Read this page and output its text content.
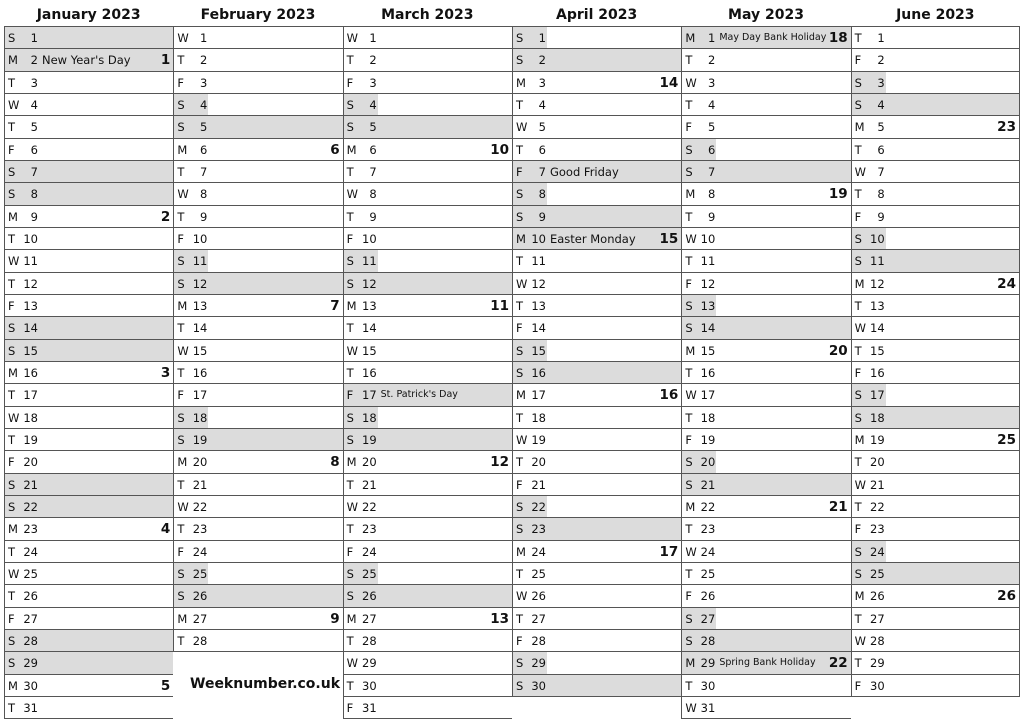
January 2023
S	1
M	2 New Year's Day 1
T	3
W 4
T	5
F	6
S	7
S	8
M	9	2
T 10
W 11
T 12
F 13
S 14
S 15
M 16	3
T 17
W 18
T 19
F 20
S 21
S 22
M 23	4
T 24
W 25
T 26
F 27
S 28
S 29
M 30	5
T 31
February 2023
W 1
T	2
F	3
S	4
S	5
M	6	6
T	7
W 8
T	9
F 10
S 11
S 12
M 13	7
T 14
W 15
T 16
F 17
S 18
S 19
M 20	8
T 21
W 22
T 23
F 24
S 25
S 26
M 27	9
T 28
March 2023
W 1
T	2
F	3
S	4
S	5
M	6	10
T	7
W 8
T	9
F 10
S 11
S 12
M 13	11
T 14
W 15
T 16
F 17 St. Patrick's Day
S 18
S 19
M 20	12
T 21
W 22
T 23
F 24
S 25
S 26
M 27	13
T 28
W 29
T 30
F 31
April 2023
S	1
S	2
M	3	14
T	4
W 5
T	6
F	7 Good Friday
S	8
S	9
M 10 Easter Monday 15
T 11
W 12
T 13
F 14
S 15
S 16
M 17	16
T 18
W 19
T 20
F 21
S 22
S 23
M 24	17
T 25
W 26
T 27
F 28
S 29
S 30
May 2023
M	1 May Day Bank Holiday 18
T	2
W 3
T	4
F	5
S	6
S	7
M	8	19
T	9
W 10
T 11
F 12
S 13
S 14
M 15	20
T 16
W 17
T 18
F 19
S 20
S 21
M 22	21
T 23
W 24
T 25
F 26
S 27
S 28
M 29 Spring Bank Holiday 22
T 30
W 31
June 2023
T	1
F	2
S	3
S	4
M	5	23
T	6
W 7
T	8
F	9
S 10
S 11
M 12	24
T 13
W 14
T 15
F 16
S 17
S 18
M 19	25
T 20
W 21
T 22
F 23
S 24
S 25
M 26	26
T 27
W 28
T 29
F 30
Weeknumber.co.uk
